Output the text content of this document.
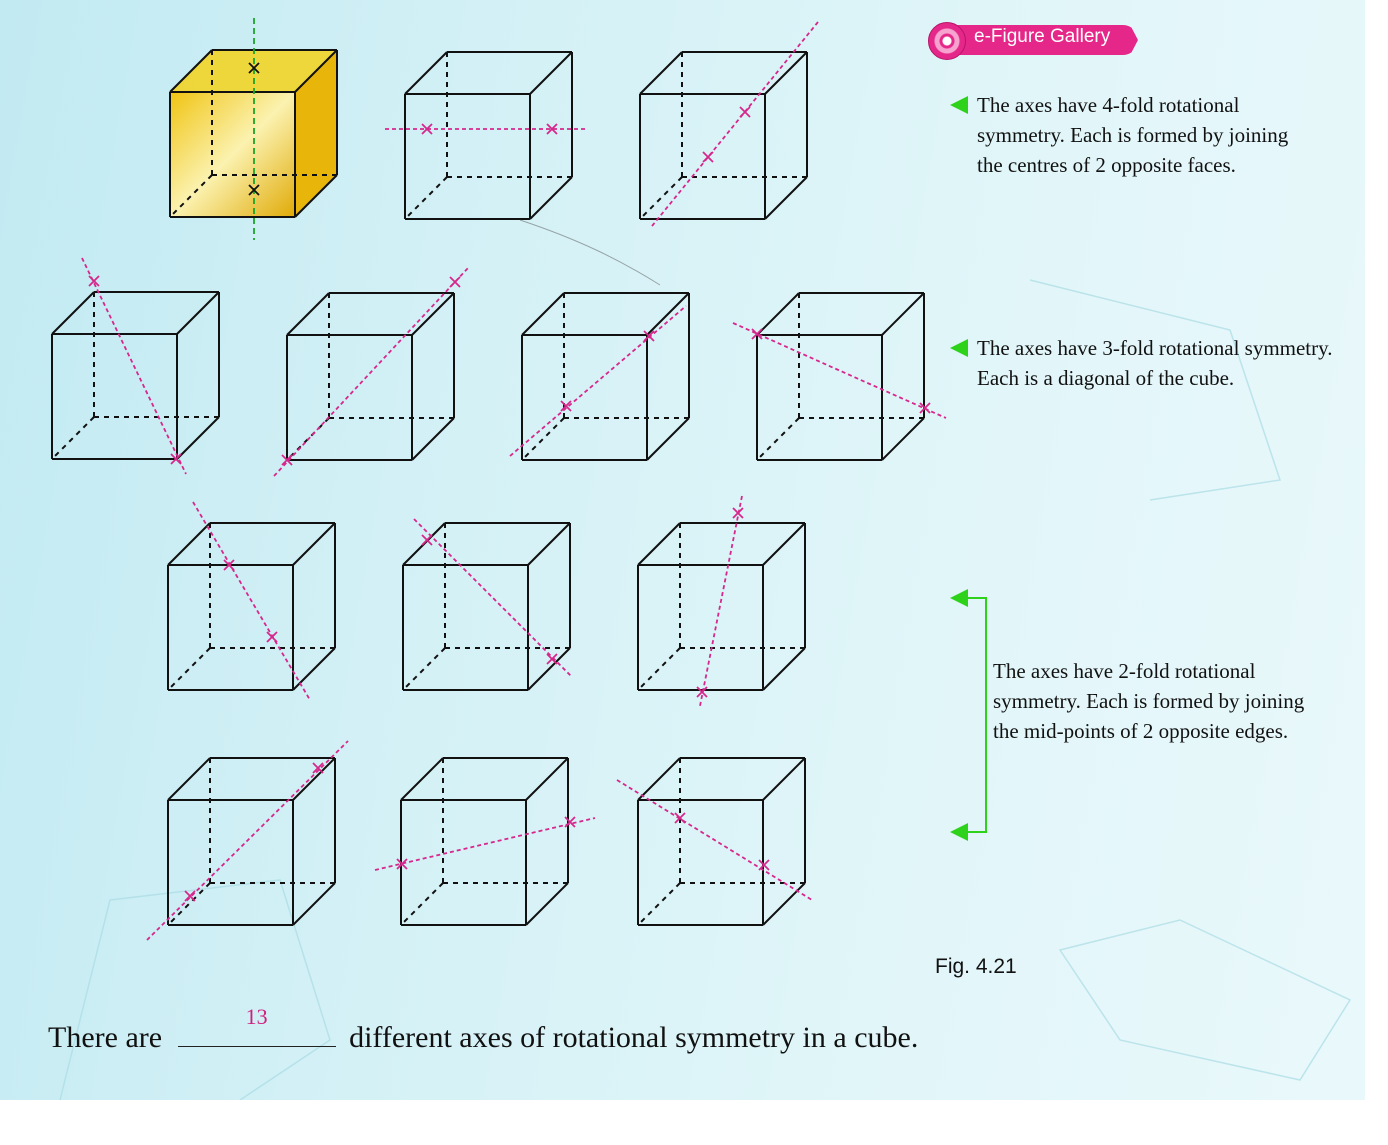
e-Figure Gallery
The axes have 4-fold rotational symmetry. Each is formed by joining the centres of 2 opposite faces.
The axes have 3-fold rotational symmetry. Each is a diagonal of the cube.
The axes have 2-fold rotational symmetry. Each is formed by joining the mid-points of 2 opposite edges.
Fig. 4.21
There are
13
different axes of rotational symmetry in a cube.
